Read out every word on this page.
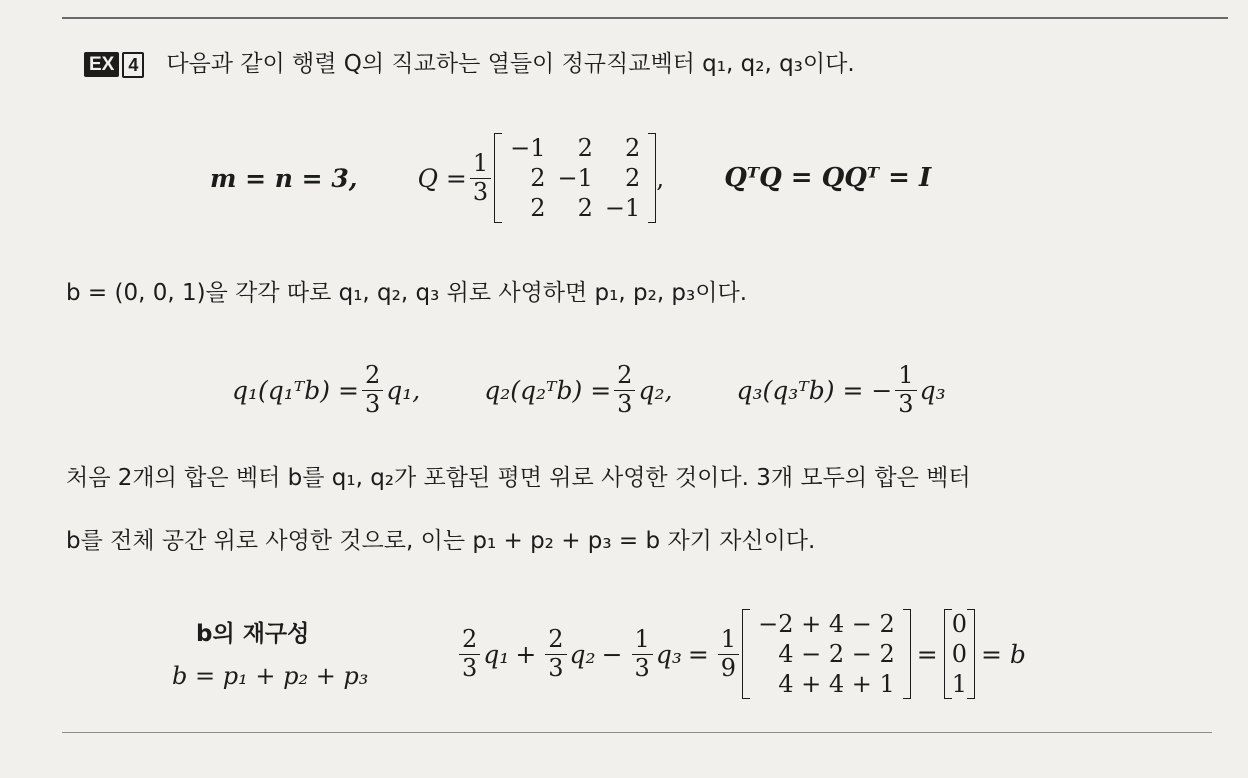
EX 4 다음과 같이 행렬 Q의 직교하는 열들이 정규직교벡터 q₁, q₂, q₃이다.
m = n = 3, $Q = \frac{1}{3}$
−1	2	2
2	−1	2
2	2	−1
, QᵀQ = QQᵀ = I
b = (0, 0, 1)을 각각 따로 q₁, q₂, q₃ 위로 사영하면 p₁, p₂, p₃이다.
q₁(q₁ᵀb) = $\frac{2}{3} q_1$,	q₂(q₂ᵀb) = $\frac{2}{3} q_2$,	q₃(q₃ᵀb) = − $\frac{1}{3} q_3$
처음 2개의 합은 벡터 b를 q₁, q₂가 포함된 평면 위로 사영한 것이다. 3개 모두의 합은 벡터
b를 전체 공간 위로 사영한 것으로, 이는 p₁ + p₂ + p₃ = b 자기 자신이다.
b의 재구성
b = p₁ + p₂ + p₃	$\frac{2}{3} q_1 + \frac{2}{3} q_2 - \frac{1}{3} q_3 = \frac{1}{9}$
−2 + 4 − 2
4 − 2 − 2
4 + 4 + 1
=
0
0
1
= b
